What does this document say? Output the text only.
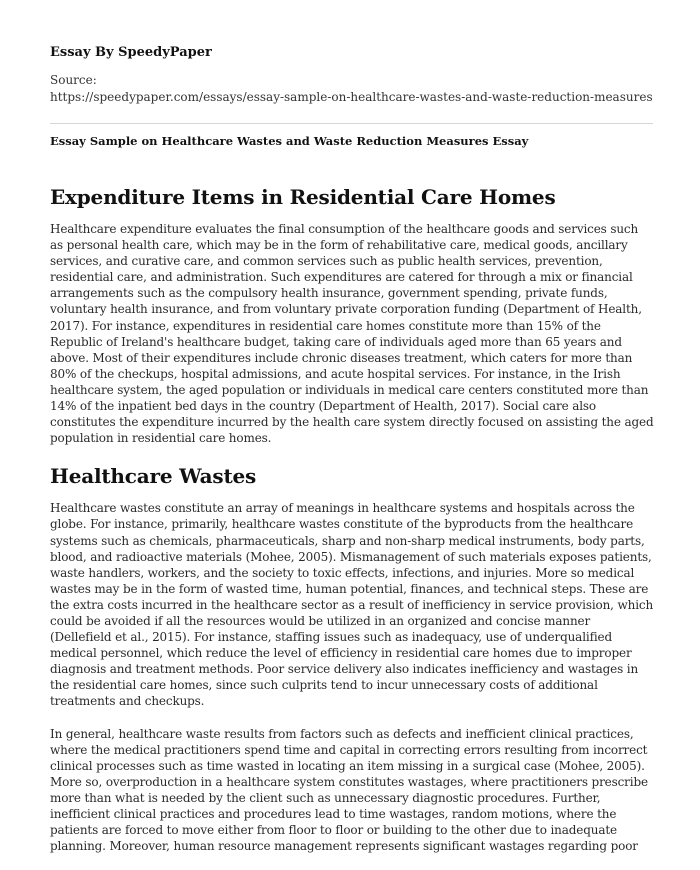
Essay By SpeedyPaper
Source:
https://speedypaper.com/essays/essay-sample-on-healthcare-wastes-and-waste-reduction-measures
Essay Sample on Healthcare Wastes and Waste Reduction Measures Essay
Expenditure Items in Residential Care Homes

Healthcare expenditure evaluates the final consumption of the healthcare goods and services such as personal health care, which may be in the form of rehabilitative care, medical goods, ancillary services, and curative care, and common services such as public health services, prevention, residential care, and administration. Such expenditures are catered for through a mix or financial arrangements such as the compulsory health insurance, government spending, private funds, voluntary health insurance, and from voluntary private corporation funding (Department of Health, 2017). For instance, expenditures in residential care homes constitute more than 15% of the Republic of Ireland's healthcare budget, taking care of individuals aged more than 65 years and above. Most of their expenditures include chronic diseases treatment, which caters for more than 80% of the checkups, hospital admissions, and acute hospital services. For instance, in the Irish healthcare system, the aged population or individuals in medical care centers constituted more than 14% of the inpatient bed days in the country (Department of Health, 2017). Social care also constitutes the expenditure incurred by the health care system directly focused on assisting the aged population in residential care homes.

Healthcare Wastes

Healthcare wastes constitute an array of meanings in healthcare systems and hospitals across the globe. For instance, primarily, healthcare wastes constitute of the byproducts from the healthcare systems such as chemicals, pharmaceuticals, sharp and non-sharp medical instruments, body parts, blood, and radioactive materials (Mohee, 2005). Mismanagement of such materials exposes patients, waste handlers, workers, and the society to toxic effects, infections, and injuries. More so medical wastes may be in the form of wasted time, human potential, finances, and technical steps. These are the extra costs incurred in the healthcare sector as a result of inefficiency in service provision, which could be avoided if all the resources would be utilized in an organized and concise manner (Dellefield et al., 2015). For instance, staffing issues such as inadequacy, use of underqualified medical personnel, which reduce the level of efficiency in residential care homes due to improper diagnosis and treatment methods. Poor service delivery also indicates inefficiency and wastages in the residential care homes, since such culprits tend to incur unnecessary costs of additional treatments and checkups.

In general, healthcare waste results from factors such as defects and inefficient clinical practices, where the medical practitioners spend time and capital in correcting errors resulting from incorrect clinical processes such as time wasted in locating an item missing in a surgical case (Mohee, 2005). More so, overproduction in a healthcare system constitutes wastages, where practitioners prescribe more than what is needed by the client such as unnecessary diagnostic procedures. Further, inefficient clinical practices and procedures lead to time wastages, random motions, where the patients are forced to move either from floor to floor or building to the other due to inadequate planning. Moreover, human resource management represents significant wastages regarding poor
